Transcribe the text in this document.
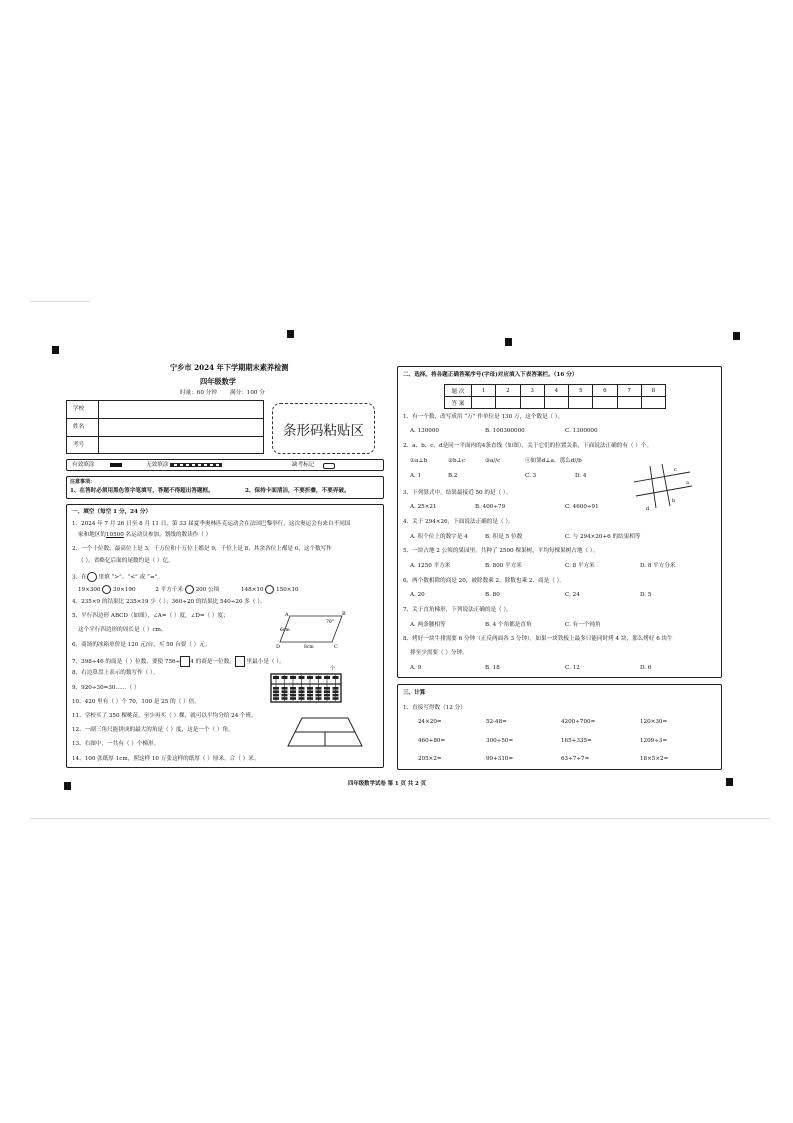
宁乡市 2024 年下学期期末素养检测
四年级数学
时量：60 分钟 满分：100 分
学校
姓名
考号
条形码粘贴区
有效填涂	无效填涂	缺考标记
注意事项：
1、在答时必须用黑色签字笔填写，答题不得超出答题框。	2、保持卡面清洁，不要折叠，不要弄破。
一、填空（每空 1 分，24 分）
1、2024 年 7 月 26 日至 8 月 11 日，第 33 届夏季奥林匹克运动会在法国巴黎举行，这次奥运会有来自不同国
家和地区的10500 名运动员参加。划线的数读作（ ）
2、一个十位数，最高位上是 3，千万位和十万位上都是 9，千位上是 8，其余各位上都是 0，这个数写作
（ ），省略亿后面的尾数约是（ ）亿。
3、在 里填 “>”、“<” 或 “=”。
19×300 30×190	2 平方千米 200 公顷	148×10 150×10
4、235×9 的结果比 235×19 少（ ）；360÷20 的结果比 540÷20 多（ ）。
5、平行四边形 ABCD（如图），∠A=（ ）度，∠D=（ ）度；
这个平行四边形的周长是（ ）cm。
A	B
C
D
70°
6cm
8cm
6、商场的冰箱单价是 120 元/台，买 50 台要（ ）元。
7、398÷46 的商是（ ）位数，要使 756÷ 4 的商是一位数， 里最小是（ ）。
8、右边算盘上表示的数写作（ ）。
个
9、920÷30=30……（ ）
10、420 里有（ ）个 70，100 是 25 的（ ）倍。
11、学校买了 350 棵桃苗，至少再买（ ）棵，就可以平均分给 24 个班。
12、一副三角尺能拼成的最大的角是（ ）度，这是一个（ ）角。
13、右图中，一共有（ ）个梯形。
14、100 张纸厚 1cm，照这样 10 万张这样的纸厚（ ）厘米，合（ ）米。
二、选择。将各题正确答案序号(字母)对应填入下表答案栏。（16 分）
题 次	1	2	3	4	5	6	7	8
答 案								
1、有一个数，改写成用 “万” 作单位是 130 万，这个数是（ ）。
A. 130000	B. 100300000	C. 1300000
2、a、b、c、d是同一平面内的4条直线（如图），关于它们的位置关系，下面说法正确的有（ ）个。
①a⊥b	②b⊥c	③a//c	④如果d⊥a，那么d//b
A. 1	B.2	C. 3	D. 4
c
a
b
d
3、下列算式中，结果最接近 50 的是（ ）。
A. 25×21	B. 400÷79	C. 4600÷91
4、关于 294×26，下面说法正确的是（ ）。
A. 积个位上的数字是 4	B. 积是 5 位数	C. 与 294×20+6 的结果相等
5、一块占地 2 公顷的果园里，共种了 2500 棵果树，平均每棵果树占地（ ）。
A. 1250 平方米	B. 800 平方米	C. 8 平方米	D. 8 平方分米
6、两个数相除的商是 20，被除数乘 2，除数也乘 2，商是（ ）。
A. 20	B. 80	C. 24	D. 5
7、关于直角梯形，下列说法正确的是（ ）。
A. 两条腰相等	B. 4 个角都是直角	C. 有一个钝角
8、烤好一块牛排需要 6 分钟（正反两面各 3 分钟），如果一块铁板上最多只能同时烤 4 块，那么烤好 6 块牛
排至少需要（ ）分钟。
A. 9	B. 18	C. 12	D. 6
三、计算
1、直接写得数（12 分）
24×20=	52-48=	4200÷700=	120×30=
460+80=	300÷50=	165+335=	1209÷3=
205×2=	99+310=	63÷7÷7=	18×5×2=
四年级数学试卷 第 1 页 共 2 页
